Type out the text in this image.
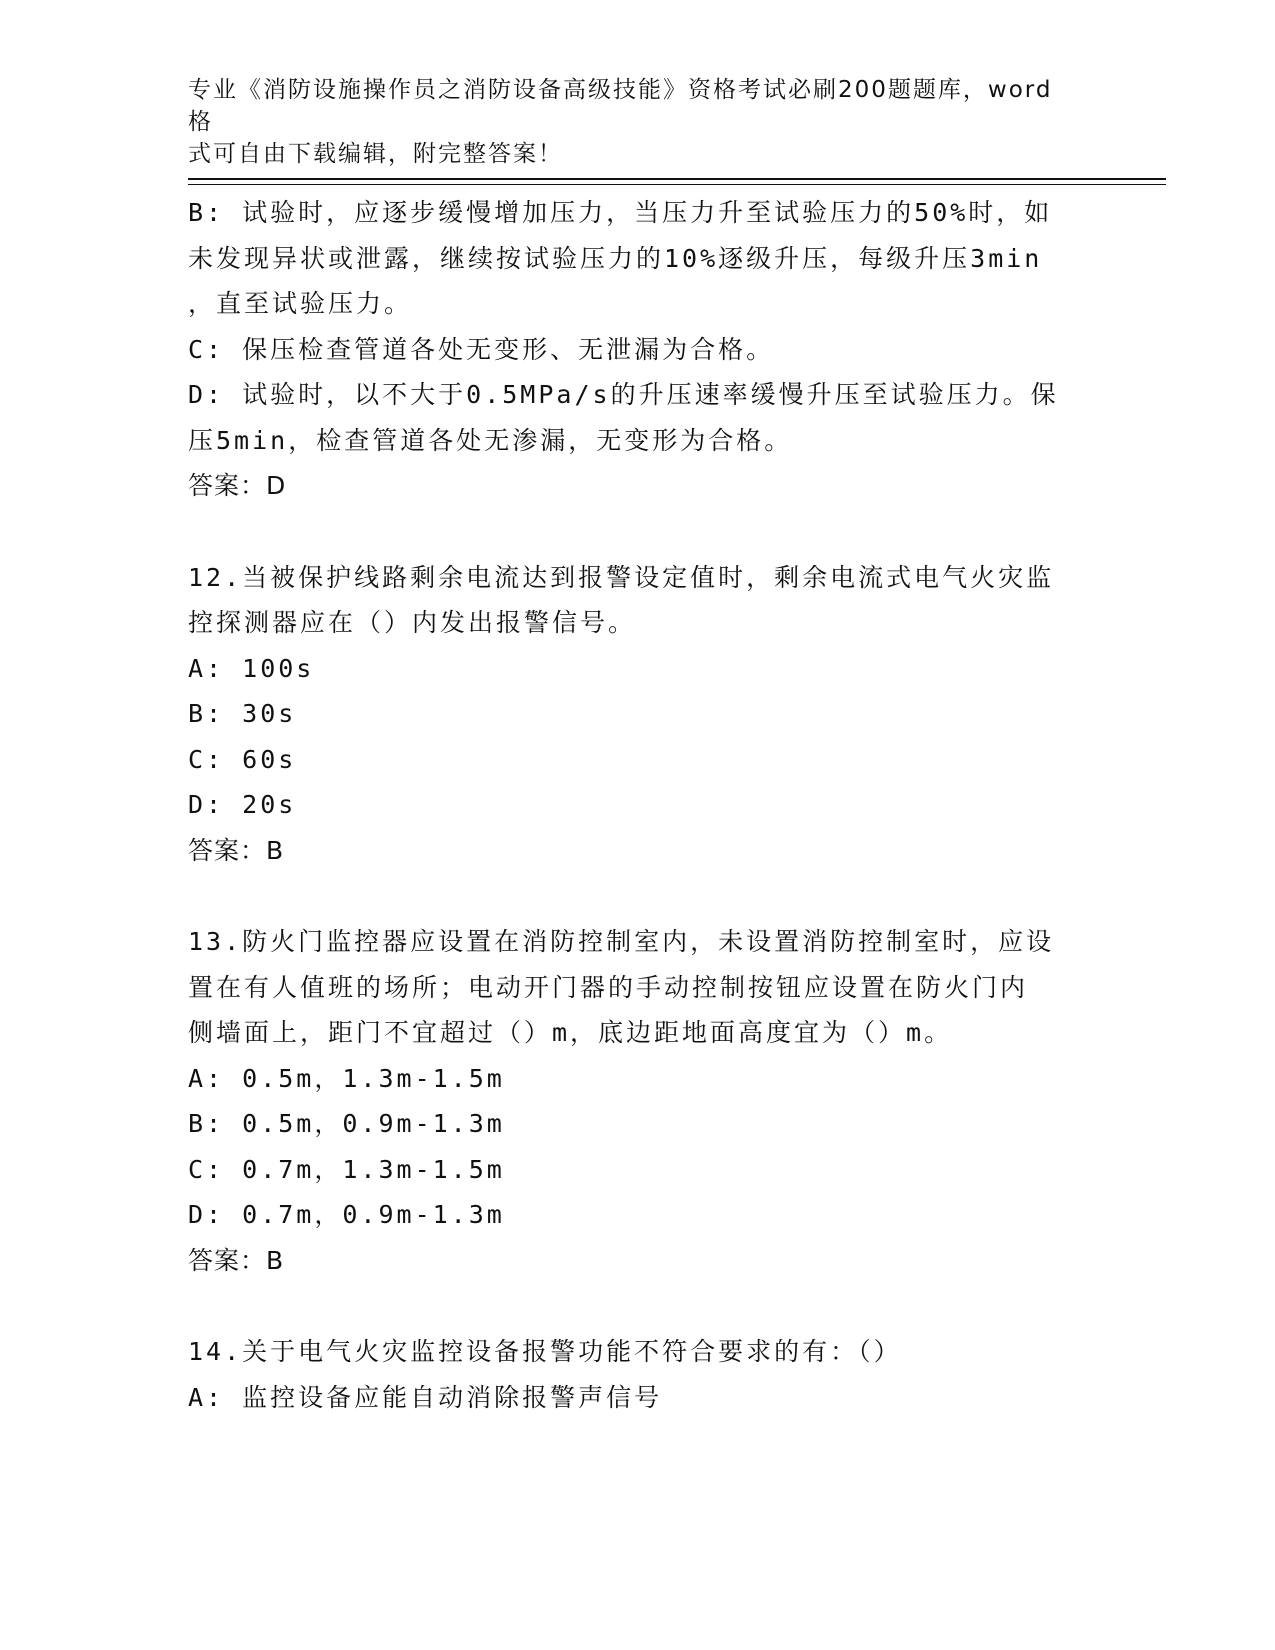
专业《消防设施操作员之消防设备高级技能》资格考试必刷200题题库，word格
式可自由下载编辑，附完整答案！
B: 试验时，应逐步缓慢增加压力，当压力升至试验压力的50%时，如
未发现异状或泄露，继续按试验压力的10%逐级升压，每级升压3min
，直至试验压力。
C: 保压检查管道各处无变形、无泄漏为合格。
D: 试验时，以不大于0.5MPa/s的升压速率缓慢升压至试验压力。保
压5min，检查管道各处无渗漏，无变形为合格。
答案：D
12.当被保护线路剩余电流达到报警设定值时，剩余电流式电气火灾监
控探测器应在（）内发出报警信号。
A: 100s
B: 30s
C: 60s
D: 20s
答案：B
13.防火门监控器应设置在消防控制室内，未设置消防控制室时，应设
置在有人值班的场所；电动开门器的手动控制按钮应设置在防火门内
侧墙面上，距门不宜超过（）m，底边距地面高度宜为（）m。
A: 0.5m，1.3m-1.5m
B: 0.5m，0.9m-1.3m
C: 0.7m，1.3m-1.5m
D: 0.7m，0.9m-1.3m
答案：B
14.关于电气火灾监控设备报警功能不符合要求的有：（）
A: 监控设备应能自动消除报警声信号
